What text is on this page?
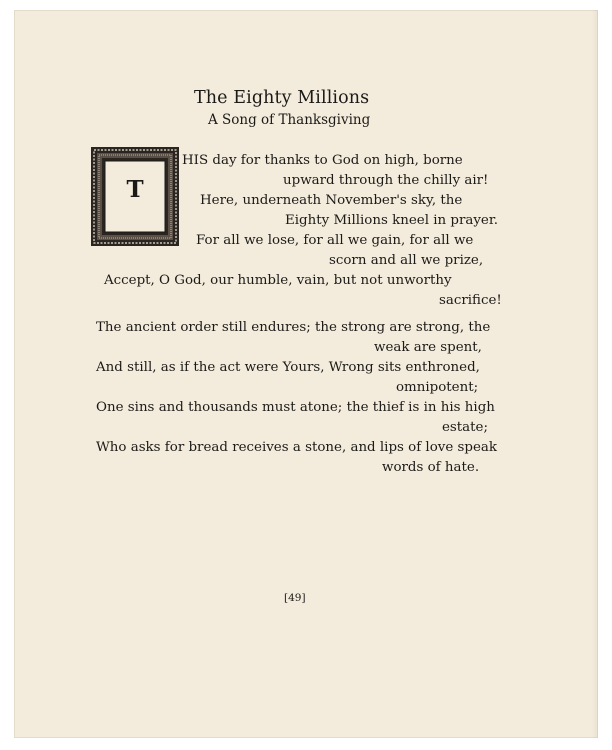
The Eighty Millions
A Song of Thanksgiving
T
HIS day for thanks to God on high, borne
upward through the chilly air!
Here, underneath November's sky, the
Eighty Millions kneel in prayer.
For all we lose, for all we gain, for all we
scorn and all we prize,
Accept, O God, our humble, vain, but not unworthy
sacrifice!
The ancient order still endures; the strong are strong, the
weak are spent,
And still, as if the act were Yours, Wrong sits enthroned,
omnipotent;
One sins and thousands must atone; the thief is in his high
estate;
Who asks for bread receives a stone, and lips of love speak
words of hate.
[49]
